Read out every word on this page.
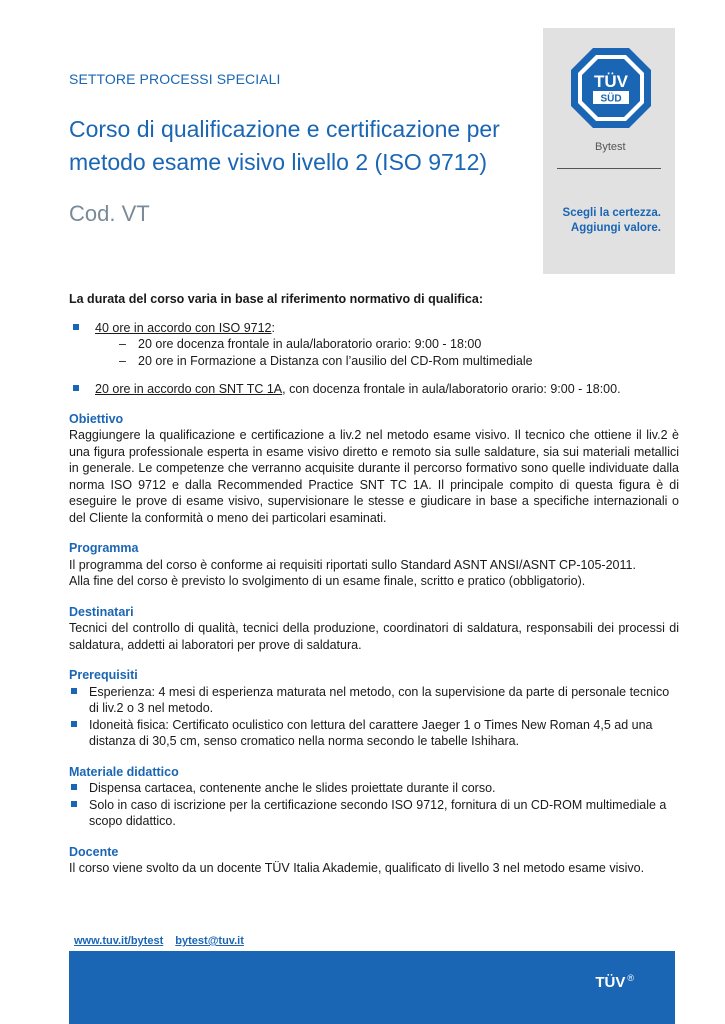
TÜV
SÜD
Bytest
Scegli la certezza.
Aggiungi valore.
SETTORE PROCESSI SPECIALI
Corso di qualificazione e certificazione per metodo esame visivo livello 2 (ISO 9712)
Cod. VT

La durata del corso varia in base al riferimento normativo di qualifica:

40 ore in accordo con ISO 9712:
– 20 ore docenza frontale in aula/laboratorio orario: 9:00 - 18:00
– 20 ore in Formazione a Distanza con l’ausilio del CD-Rom multimediale
20 ore in accordo con SNT TC 1A, con docenza frontale in aula/laboratorio orario: 9:00 - 18:00.
Obiettivo

Raggiungere la qualificazione e certificazione a liv.2 nel metodo esame visivo. Il tecnico che ottiene il liv.2 è una figura professionale esperta in esame visivo diretto e remoto sia sulle saldature, sia sui materiali metallici in generale. Le competenze che verranno acquisite durante il percorso formativo sono quelle individuate dalla norma ISO 9712 e dalla Recommended Practice SNT TC 1A. Il principale compito di questa figura è di eseguire le prove di esame visivo, supervisionare le stesse e giudicare in base a specifiche internazionali o del Cliente la conformità o meno dei particolari esaminati.

Programma

Il programma del corso è conforme ai requisiti riportati sullo Standard ASNT ANSI/ASNT CP-105-2011.

Alla fine del corso è previsto lo svolgimento di un esame finale, scritto e pratico (obbligatorio).

Destinatari

Tecnici del controllo di qualità, tecnici della produzione, coordinatori di saldatura, responsabili dei processi di saldatura, addetti ai laboratori per prove di saldatura.

Prerequisiti
Esperienza: 4 mesi di esperienza maturata nel metodo, con la supervisione da parte di personale tecnico di liv.2 o 3 nel metodo.
Idoneità fisica: Certificato oculistico con lettura del carattere Jaeger 1 o Times New Roman 4,5 ad una distanza di 30,5 cm, senso cromatico nella norma secondo le tabelle Ishihara.
Materiale didattico
Dispensa cartacea, contenente anche le slides proiettate durante il corso.
Solo in caso di iscrizione per la certificazione secondo ISO 9712, fornitura di un CD-ROM multimediale a scopo didattico.
Docente

Il corso viene svolto da un docente TÜV Italia Akademie, qualificato di livello 3 nel metodo esame visivo.

www.tuv.it/bytest bytest@tuv.it
TÜV ®
